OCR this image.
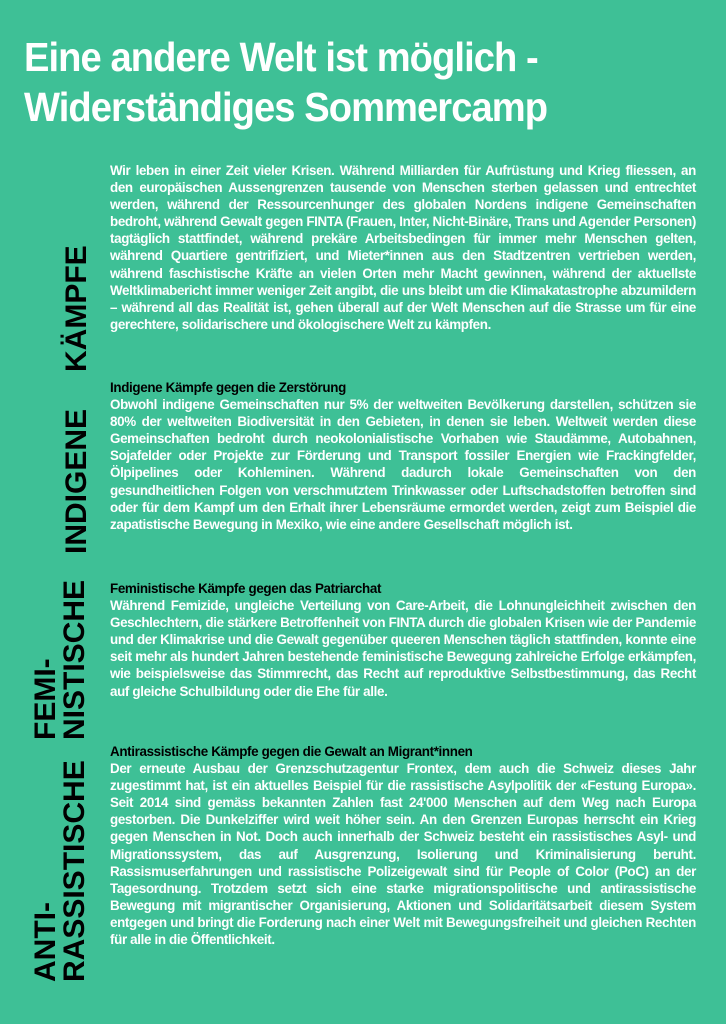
Eine andere Welt ist möglich -
Widerständiges Sommercamp
KÄMPFE
Wir leben in einer Zeit vieler Krisen. Während Milliarden für Aufrüstung und Krieg fliessen, an den europäischen Aussengrenzen tausende von Menschen sterben gelassen und entrechtet werden, während der Ressourcenhunger des globalen Nordens indigene Gemeinschaften bedroht, während Gewalt gegen FINTA (Frauen, Inter, Nicht-Binäre, Trans und Agender Personen) tagtäglich stattfindet, während prekäre Arbeitsbedingen für immer mehr Menschen gelten, während Quartiere gentrifiziert, und Mieter*innen aus den Stadtzentren vertrieben werden, während faschistische Kräfte an vielen Orten mehr Macht gewinnen, während der aktuellste Weltklimabericht immer weniger Zeit angibt, die uns bleibt um die Klimakatastrophe abzumildern – während all das Realität ist, gehen überall auf der Welt Menschen auf die Strasse um für eine gerechtere, solidarischere und ökologischere Welt zu kämpfen.
INDIGENE
Indigene Kämpfe gegen die Zerstörung
Obwohl indigene Gemeinschaften nur 5% der weltweiten Bevölkerung darstellen, schützen sie 80% der weltweiten Biodiversität in den Gebieten, in denen sie leben. Weltweit werden diese Gemeinschaften bedroht durch neokolonialistische Vorhaben wie Staudämme, Autobahnen, Sojafelder oder Projekte zur Förderung und Transport fossiler Energien wie Frackingfelder, Ölpipelines oder Kohleminen. Während dadurch lokale Gemeinschaften von den gesundheitlichen Folgen von verschmutztem Trinkwasser oder Luftschadstoffen betroffen sind oder für dem Kampf um den Erhalt ihrer Lebensräume ermordet werden, zeigt zum Beispiel die zapatistische Bewegung in Mexiko, wie eine andere Gesellschaft möglich ist.
FEMI-
NISTISCHE Feministische Kämpfe gegen das Patriarchat
Während Femizide, ungleiche Verteilung von Care-Arbeit, die Lohnungleichheit zwischen den Geschlechtern, die stärkere Betroffenheit von FINTA durch die globalen Krisen wie der Pandemie und der Klimakrise und die Gewalt gegenüber queeren Menschen täglich stattfinden, konnte eine seit mehr als hundert Jahren bestehende feministische Bewegung zahlreiche Erfolge erkämpfen, wie beispielsweise das Stimmrecht, das Recht auf reproduktive Selbstbestimmung, das Recht auf gleiche Schulbildung oder die Ehe für alle.
ANTI-
RASSISTISCHE
Antirassistische Kämpfe gegen die Gewalt an Migrant*innen
Der erneute Ausbau der Grenzschutzagentur Frontex, dem auch die Schweiz dieses Jahr zugestimmt hat, ist ein aktuelles Beispiel für die rassistische Asylpolitik der «Festung Europa». Seit 2014 sind gemäss bekannten Zahlen fast 24'000 Menschen auf dem Weg nach Europa gestorben. Die Dunkelziffer wird weit höher sein. An den Grenzen Europas herrscht ein Krieg gegen Menschen in Not. Doch auch innerhalb der Schweiz besteht ein rassistisches Asyl- und Migrationssystem, das auf Ausgrenzung, Isolierung und Kriminalisierung beruht. Rassismuserfahrungen und rassistische Polizeigewalt sind für People of Color (PoC) an der Tagesordnung. Trotzdem setzt sich eine starke migrationspolitische und antirassistische Bewegung mit migrantischer Organisierung, Aktionen und Solidaritätsarbeit diesem System entgegen und bringt die Forderung nach einer Welt mit Bewegungsfreiheit und gleichen Rechten für alle in die Öffentlichkeit.
